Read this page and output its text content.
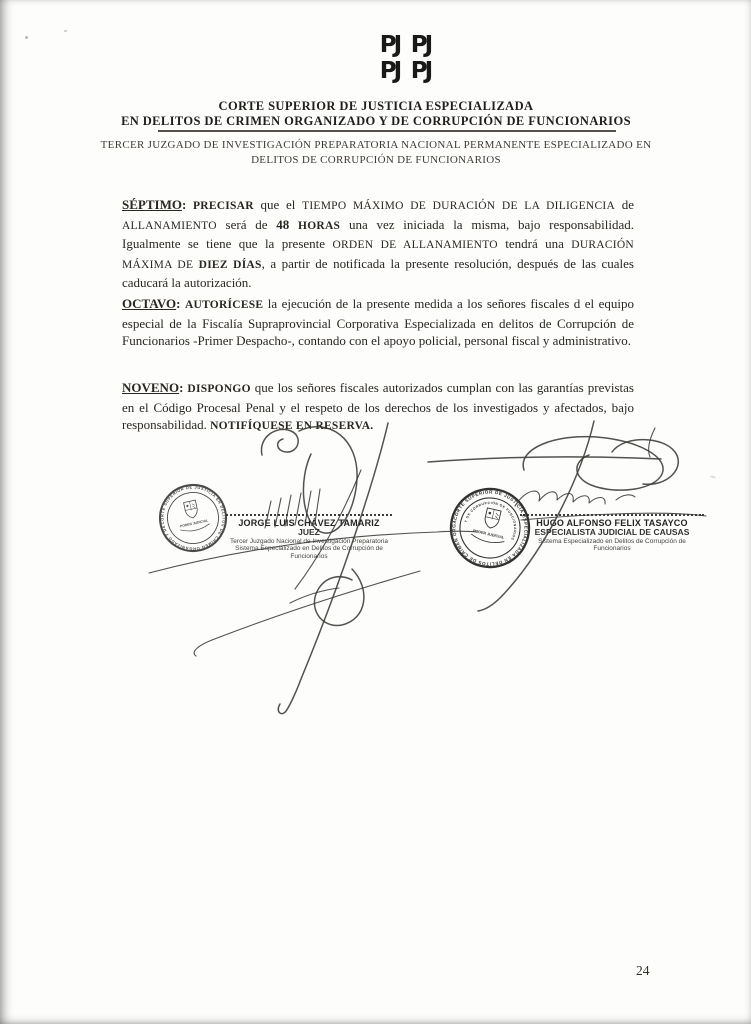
PJ PJ
PJ PJ
CORTE SUPERIOR DE JUSTICIA ESPECIALIZADA
EN DELITOS DE CRIMEN ORGANIZADO Y DE CORRUPCIÓN DE FUNCIONARIOS
TERCER JUZGADO DE INVESTIGACIÓN PREPARATORIA NACIONAL PERMANENTE ESPECIALIZADO EN
DELITOS DE CORRUPCIÓN DE FUNCIONARIOS
SÉPTIMO: PRECISAR que el TIEMPO MÁXIMO DE DURACIÓN DE LA DILIGENCIA de ALLANAMIENTO será de 48 HORAS una vez iniciada la misma, bajo responsabilidad. Igualmente se tiene que la presente ORDEN DE ALLANAMIENTO tendrá una DURACIÓN MÁXIMA DE DIEZ DÍAS, a partir de notificada la presente resolución, después de las cuales caducará la autorización.
OCTAVO: AUTORÍCESE la ejecución de la presente medida a los señores fiscales d el equipo especial de la Fiscalía Supraprovincial Corporativa Especializada en delitos de Corrupción de Funcionarios -Primer Despacho-, contando con el apoyo policial, personal fiscal y administrativo.
NOVENO: DISPONGO que los señores fiscales autorizados cumplan con las garantías previstas en el Código Procesal Penal y el respeto de los derechos de los investigados y afectados, bajo responsabilidad. NOTIFÍQUESE EN RESERVA.
JORGE LUIS CHÁVEZ TAMARIZ
JUEZ
Tercer Juzgado Nacional de Investigación Preparatoria
Sistema Especializado en Delitos de Corrupción de Funcionarios
HUGO ALFONSO FELIX TASAYCO
ESPECIALISTA JUDICIAL DE CAUSAS
Sistema Especializado en Delitos de Corrupción de Funcionarios
CORTE SUPERIOR DE JUSTICIA EN DELITOS DE CRIMEN ORGANIZADO Y DE CORRUPCIÓN
PODER JUDICIAL
CORTE SUPERIOR DE JUSTICIA ESPECIALIZADA EN DELITOS DE CRIMEN ORGANIZADO
Y DE CORRUPCIÓN DE FUNCIONARIOS
PODER JUDICIAL
24
